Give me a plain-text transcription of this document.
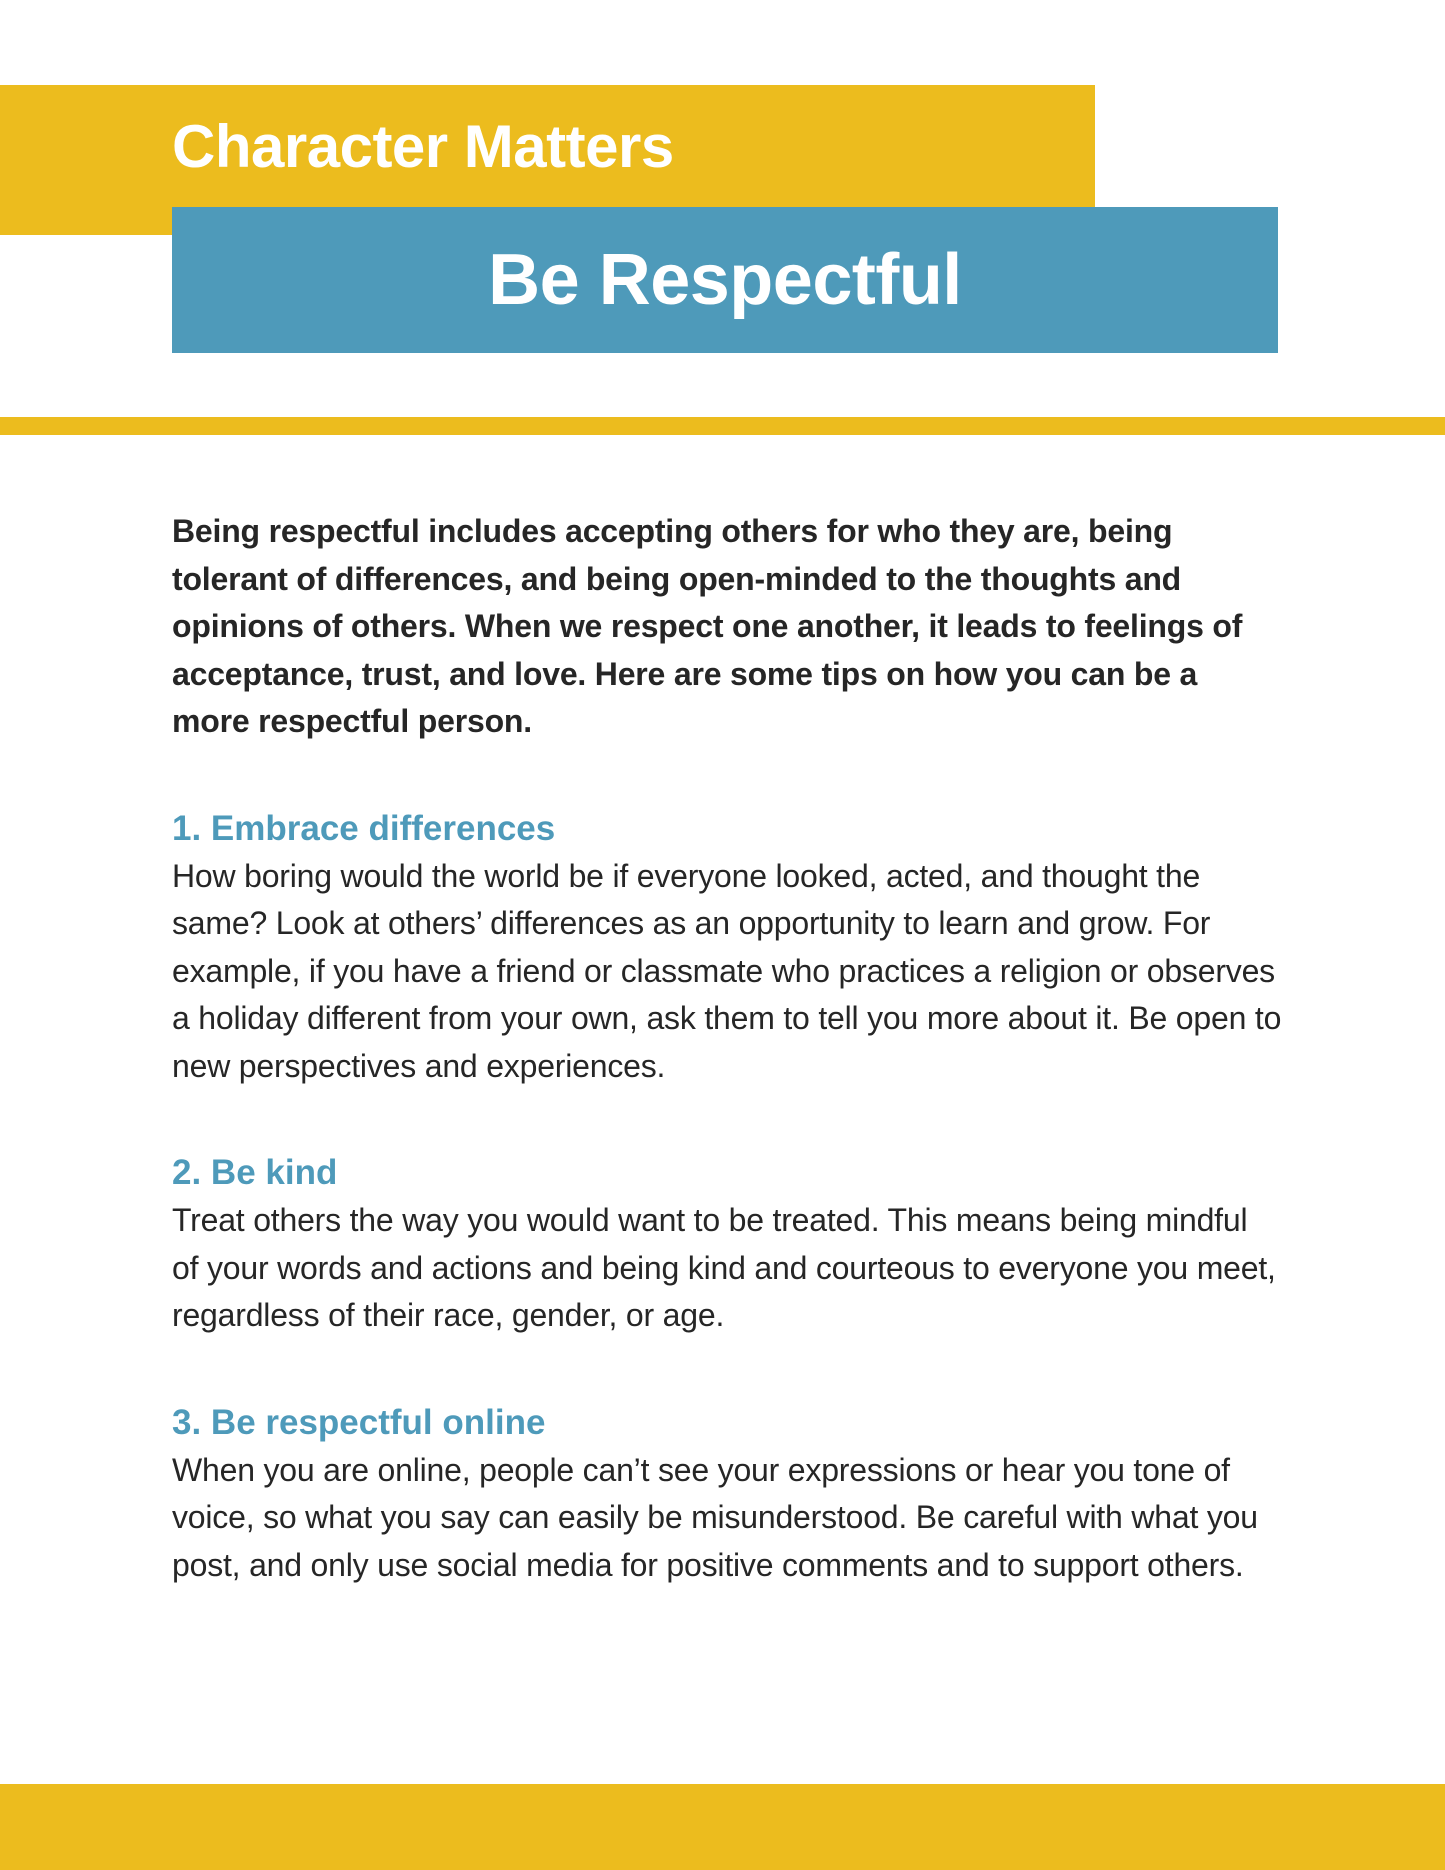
Character Matters
Be Respectful

Being respectful includes accepting others for who they are, being tolerant of differences, and being open-minded to the thoughts and opinions of others. When we respect one another, it leads to feelings of acceptance, trust, and love. Here are some tips on how you can be a more respectful person.

1. Embrace differences

How boring would the world be if everyone looked, acted, and thought the same? Look at others’ differences as an opportunity to learn and grow. For example, if you have a friend or classmate who practices a religion or observes a holiday different from your own, ask them to tell you more about it. Be open to new perspectives and experiences.

2. Be kind

Treat others the way you would want to be treated. This means being mindful of your words and actions and being kind and courteous to everyone you meet, regardless of their race, gender, or age.

3. Be respectful online

When you are online, people can’t see your expressions or hear you tone of voice, so what you say can easily be misunderstood. Be careful with what you post, and only use social media for positive comments and to support others.
